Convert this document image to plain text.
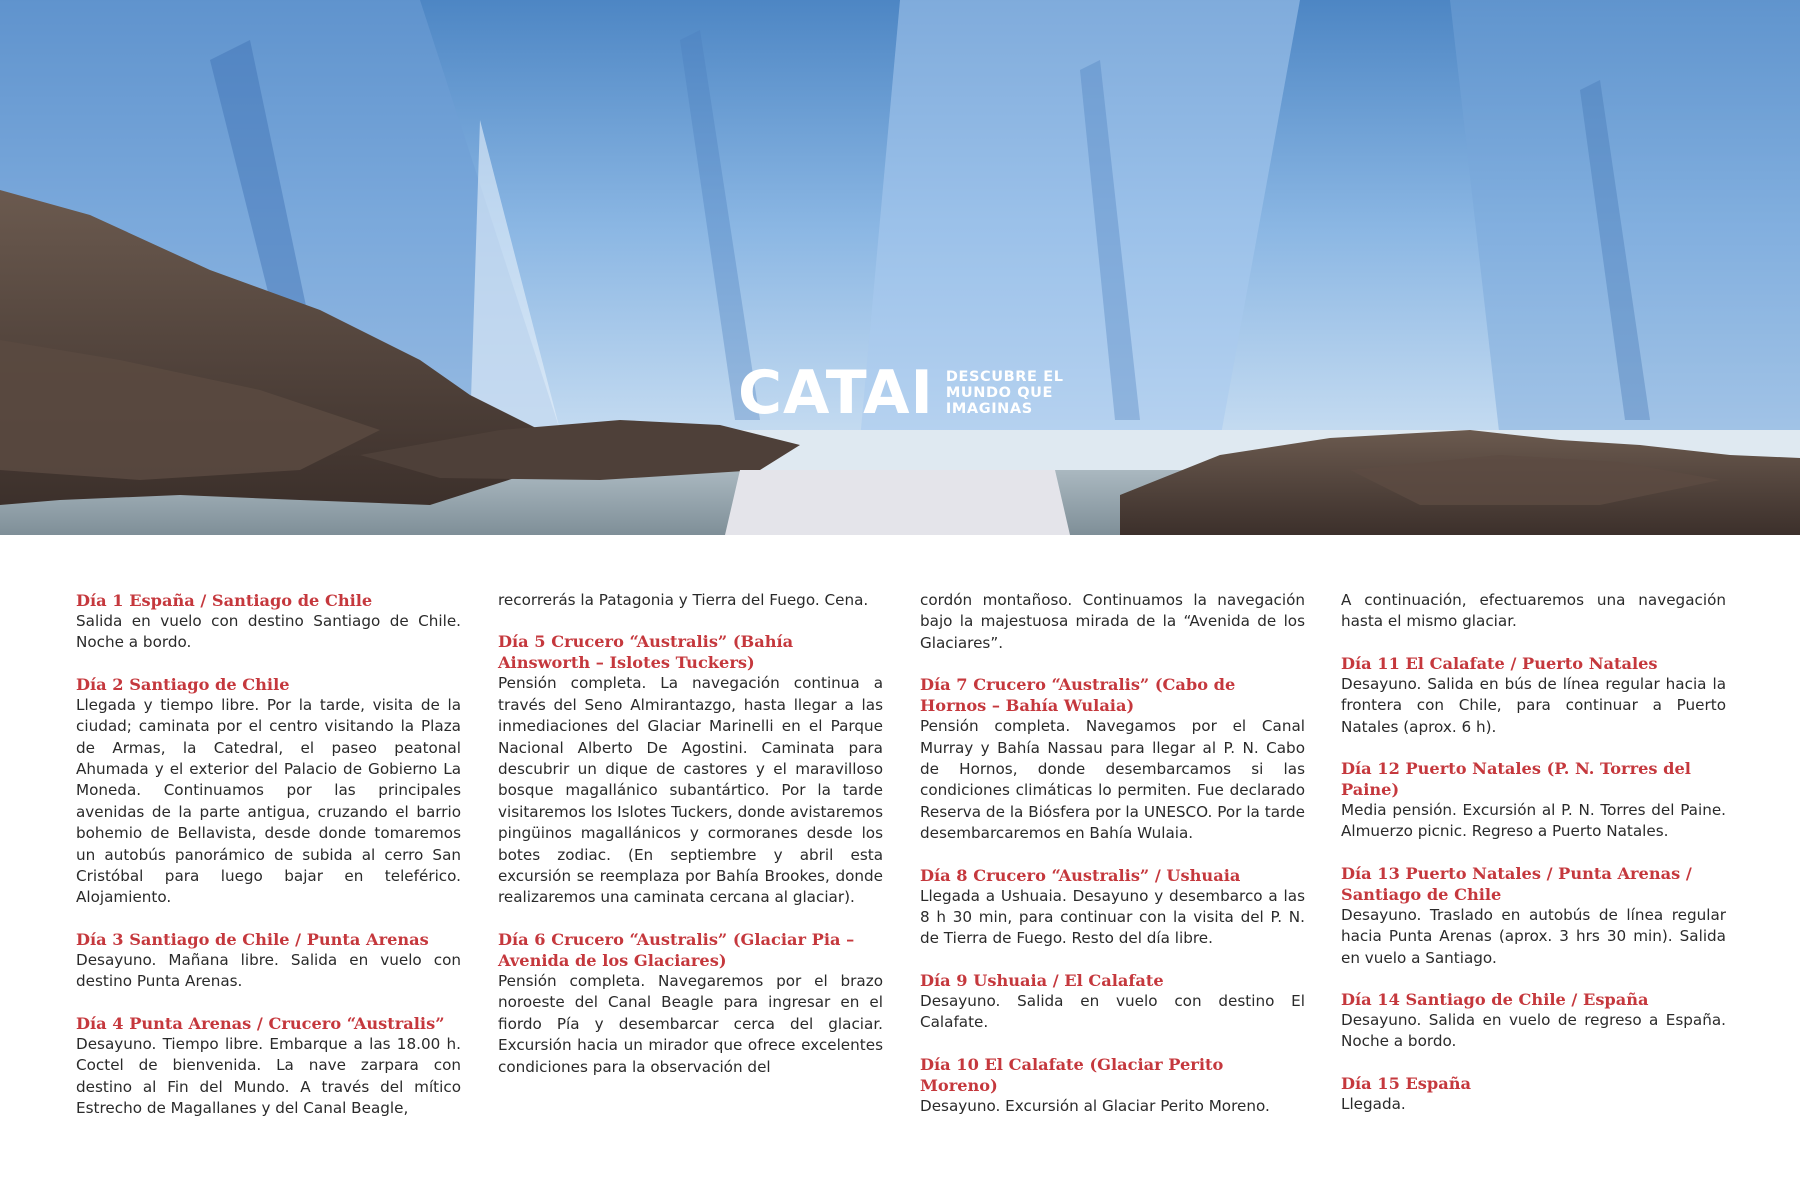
CATAI DESCUBRE EL
MUNDO QUE
IMAGINAS

Día 1 España / Santiago de Chile

Salida en vuelo con destino Santiago de Chile. Noche a bordo.

Día 2 Santiago de Chile

Llegada y tiempo libre. Por la tarde, visita de la ciudad; caminata por el centro visitando la Plaza de Armas, la Catedral, el paseo peatonal Ahumada y el exterior del Palacio de Gobierno La Moneda. Continuamos por las principales avenidas de la parte antigua, cruzando el barrio bohemio de Bellavista, desde donde tomaremos un autobús panorámico de subida al cerro San Cristóbal para luego bajar en teleférico. Alojamiento.

Día 3 Santiago de Chile / Punta Arenas

Desayuno. Mañana libre. Salida en vuelo con destino Punta Arenas.

Día 4 Punta Arenas / Crucero “Australis”

Desayuno. Tiempo libre. Embarque a las 18.00 h. Coctel de bienvenida. La nave zarpara con destino al Fin del Mundo. A través del mítico Estrecho de Magallanes y del Canal Beagle,

recorrerás la Patagonia y Tierra del Fuego. Cena.

Día 5 Crucero “Australis” (Bahía Ainsworth – Islotes Tuckers)

Pensión completa. La navegación continua a través del Seno Almirantazgo, hasta llegar a las inmediaciones del Glaciar Marinelli en el Parque Nacional Alberto De Agostini. Caminata para descubrir un dique de castores y el maravilloso bosque magallánico subantártico. Por la tarde visitaremos los Islotes Tuckers, donde avistaremos pingüinos magallánicos y cormoranes desde los botes zodiac. (En septiembre y abril esta excursión se reemplaza por Bahía Brookes, donde realizaremos una caminata cercana al glaciar).

Día 6 Crucero “Australis” (Glaciar Pia – Avenida de los Glaciares)

Pensión completa. Navegaremos por el brazo noroeste del Canal Beagle para ingresar en el fiordo Pía y desembarcar cerca del glaciar. Excursión hacia un mirador que ofrece excelentes condiciones para la observación del

cordón montañoso. Continuamos la navegación bajo la majestuosa mirada de la “Avenida de los Glaciares”.

Día 7 Crucero “Australis” (Cabo de Hornos – Bahía Wulaia)

Pensión completa. Navegamos por el Canal Murray y Bahía Nassau para llegar al P. N. Cabo de Hornos, donde desembarcamos si las condiciones climáticas lo permiten. Fue declarado Reserva de la Biósfera por la UNESCO. Por la tarde desembarcaremos en Bahía Wulaia.

Día 8 Crucero “Australis” / Ushuaia

Llegada a Ushuaia. Desayuno y desembarco a las 8 h 30 min, para continuar con la visita del P. N. de Tierra de Fuego. Resto del día libre.

Día 9 Ushuaia / El Calafate

Desayuno. Salida en vuelo con destino El Calafate.

Día 10 El Calafate (Glaciar Perito Moreno)

Desayuno. Excursión al Glaciar Perito Moreno.

A continuación, efectuaremos una navegación hasta el mismo glaciar.

Día 11 El Calafate / Puerto Natales

Desayuno. Salida en bús de línea regular hacia la frontera con Chile, para continuar a Puerto Natales (aprox. 6 h).

Día 12 Puerto Natales (P. N. Torres del Paine)

Media pensión. Excursión al P. N. Torres del Paine. Almuerzo picnic. Regreso a Puerto Natales.

Día 13 Puerto Natales / Punta Arenas / Santiago de Chile

Desayuno. Traslado en autobús de línea regular hacia Punta Arenas (aprox. 3 hrs 30 min). Salida en vuelo a Santiago.

Día 14 Santiago de Chile / España

Desayuno. Salida en vuelo de regreso a España. Noche a bordo.

Día 15 España

Llegada.
